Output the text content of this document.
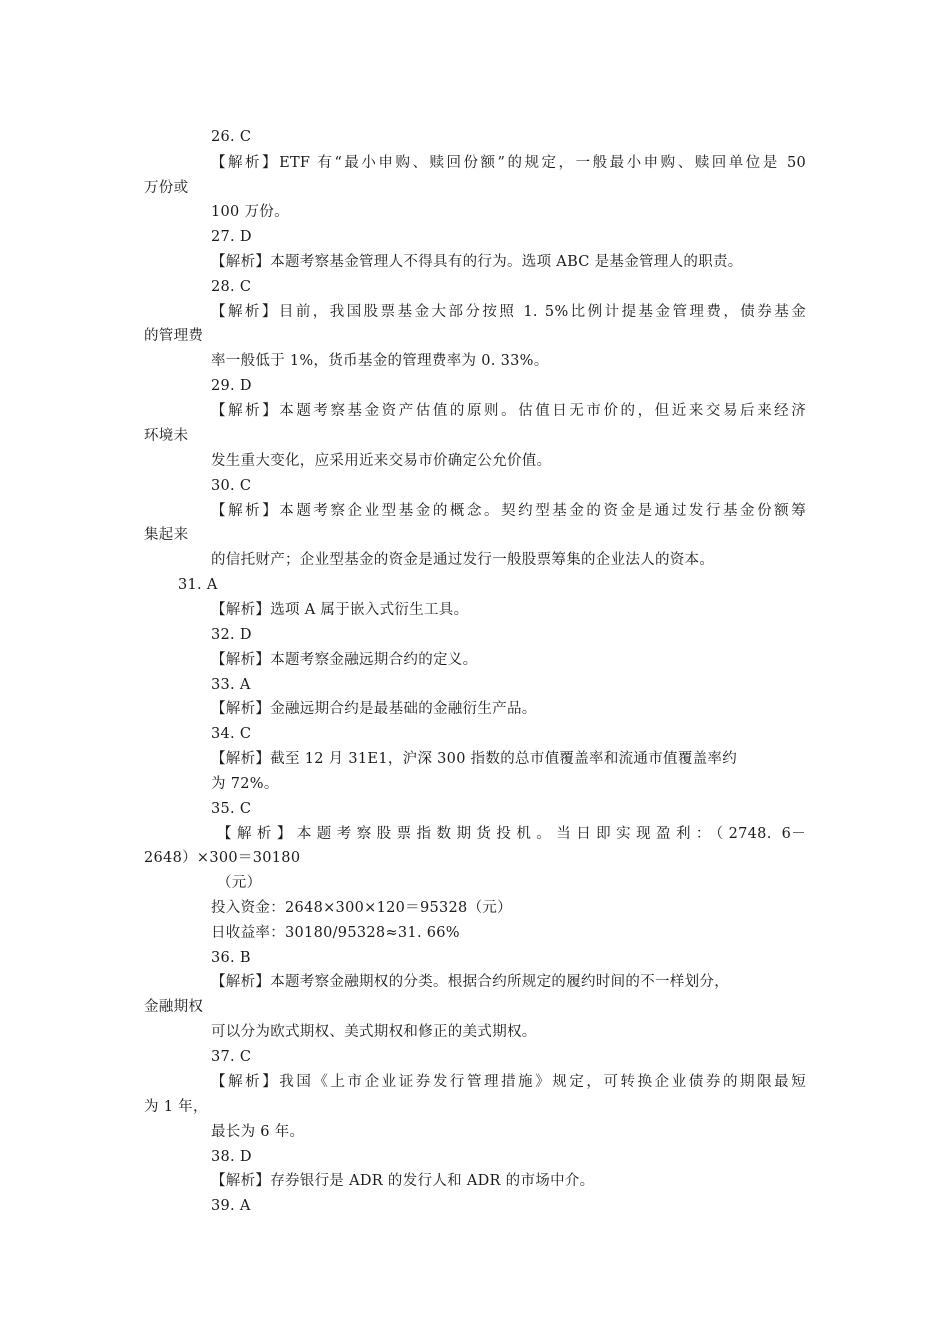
26. C
【解析】ETF 有“最小申购、赎回份额”的规定，一般最小申购、赎回单位是 50
万份或
100 万份。
27. D
【解析】本题考察基金管理人不得具有的行为。选项 ABC 是基金管理人的职责。
28. C
【解析】目前，我国股票基金大部分按照 1. 5%比例计提基金管理费，债券基金
的管理费
率一般低于 1%，货币基金的管理费率为 0. 33%。
29. D
【解析】本题考察基金资产估值的原则。估值日无市价的，但近来交易后来经济
环境未
发生重大变化，应采用近来交易市价确定公允价值。
30. C
【解析】本题考察企业型基金的概念。契约型基金的资金是通过发行基金份额筹
集起来
的信托财产；企业型基金的资金是通过发行一般股票筹集的企业法人的资本。
31. A
【解析】选项 A 属于嵌入式衍生工具。
32. D
【解析】本题考察金融远期合约的定义。
33. A
【解析】金融远期合约是最基础的金融衍生产品。
34. C
【解析】截至 12 月 31E1，沪深 300 指数的总市值覆盖率和流通市值覆盖率约
为 72%。
35. C
【解析】本题考察股票指数期货投机。当日即实现盈利：（2748. 6－
2648）×300＝30180
（元）
投入资金：2648×300×120＝95328（元）
日收益率：30180/95328≈31. 66%
36. B
【解析】本题考察金融期权的分类。根据合约所规定的履约时间的不一样划分，
金融期权
可以分为欧式期权、美式期权和修正的美式期权。
37. C
【解析】我国《上市企业证券发行管理措施》规定，可转换企业债券的期限最短
为 1 年，
最长为 6 年。
38. D
【解析】存券银行是 ADR 的发行人和 ADR 的市场中介。
39. A
